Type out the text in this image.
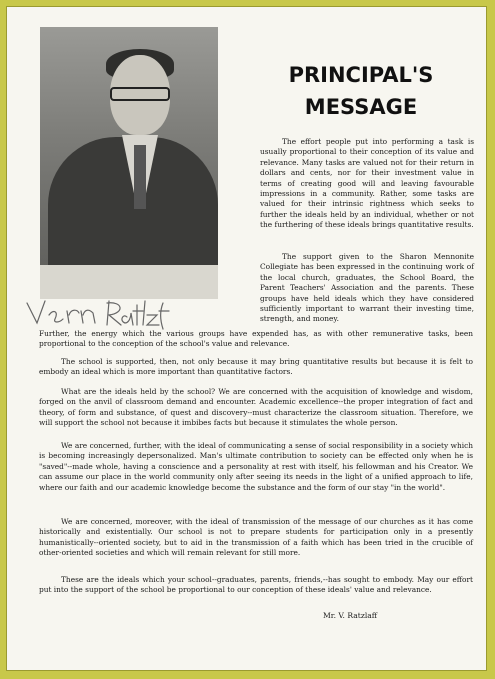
PRINCIPAL'S
MESSAGE

The effort people put into performing a task is usually proportional to their conception of its value and relevance. Many tasks are valued not for their return in dollars and cents, nor for their investment value in terms of creating good will and leaving favourable impressions in a community. Rather, some tasks are valued for their intrinsic rightness which seeks to further the ideals held by an individual, whether or not the furthering of these ideals brings quantitative results.

The support given to the Sharon Mennonite Collegiate has been expressed in the continuing work of the local church, graduates, the School Board, the Parent Teachers' Association and the parents. These groups have held ideals which they have considered sufficiently important to warrant their investing time, strength, and money.

Further, the energy which the various groups have expended has, as with other remunerative tasks, been proportional to the conception of the school's value and relevance.

The school is supported, then, not only because it may bring quantitative results but because it is felt to embody an ideal which is more important than quantitative factors.

What are the ideals held by the school? We are concerned with the acquisition of knowledge and wisdom, forged on the anvil of classroom demand and encounter. Academic excellence--the proper integration of fact and theory, of form and substance, of quest and discovery--must characterize the classroom situation. Therefore, we will support the school not because it imbibes facts but because it stimulates the whole person.

We are concerned, further, with the ideal of communicating a sense of social responsibility in a society which is becoming increasingly depersonalized. Man's ultimate contribution to society can be effected only when he is "saved"--made whole, having a conscience and a personality at rest with itself, his fellowman and his Creator. We can assume our place in the world community only after seeing its needs in the light of a unified approach to life, where our faith and our academic knowledge become the substance and the form of our stay "in the world".

We are concerned, moreover, with the ideal of transmission of the message of our churches as it has come historically and existentially. Our school is not to prepare students for participation only in a presently humanistically--oriented society, but to aid in the transmission of a faith which has been tried in the crucible of other-oriented societies and which will remain relevant for still more.

These are the ideals which your school--graduates, parents, friends,--has sought to embody. May our effort put into the support of the school be proportional to our conception of these ideals' value and relevance.

Mr. V. Ratzlaff
